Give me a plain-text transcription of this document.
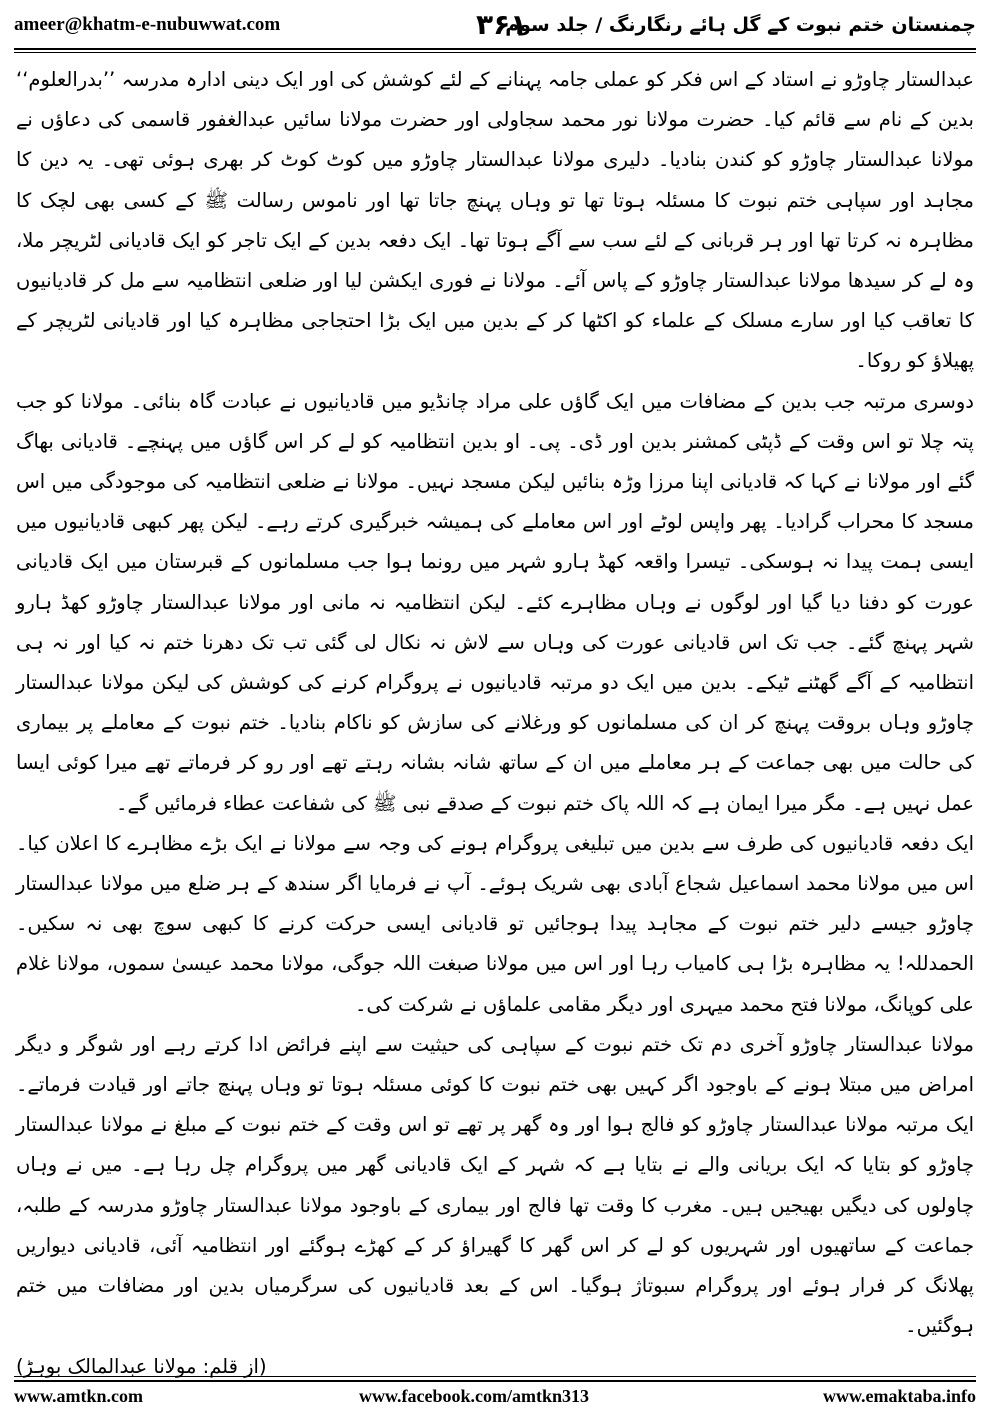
ameer@khatm-e-nubuwwat.com	۳۶۱
چمنستان ختم نبوت کے گل ہائے رنگارنگ / جلد سوم

عبدالستار چاوڑو نے استاد کے اس فکر کو عملی جامہ پہنانے کے لئے کوشش کی اور ایک دینی ادارہ مدرسہ ’’بدرالعلوم‘‘ بدین کے نام سے قائم کیا۔ حضرت مولانا نور محمد سجاولی اور حضرت مولانا سائیں عبدالغفور قاسمی کی دعاؤں نے مولانا عبدالستار چاوڑو کو کندن بنادیا۔ دلیری مولانا عبدالستار چاوڑو میں کوٹ کوٹ کر بھری ہوئی تھی۔ یہ دین کا مجاہد اور سپاہی ختم نبوت کا مسئلہ ہوتا تھا تو وہاں پہنچ جاتا تھا اور ناموس رسالت ﷺ کے کسی بھی لچک کا مظاہرہ نہ کرتا تھا اور ہر قربانی کے لئے سب سے آگے ہوتا تھا۔ ایک دفعہ بدین کے ایک تاجر کو ایک قادیانی لٹریچر ملا، وہ لے کر سیدھا مولانا عبدالستار چاوڑو کے پاس آئے۔ مولانا نے فوری ایکشن لیا اور ضلعی انتظامیہ سے مل کر قادیانیوں کا تعاقب کیا اور سارے مسلک کے علماء کو اکٹھا کر کے بدین میں ایک بڑا احتجاجی مظاہرہ کیا اور قادیانی لٹریچر کے پھیلاؤ کو روکا۔

دوسری مرتبہ جب بدین کے مضافات میں ایک گاؤں علی مراد چانڈیو میں قادیانیوں نے عبادت گاہ بنائی۔ مولانا کو جب پتہ چلا تو اس وقت کے ڈپٹی کمشنر بدین اور ڈی۔ پی۔ او بدین انتظامیہ کو لے کر اس گاؤں میں پہنچے۔ قادیانی بھاگ گئے اور مولانا نے کہا کہ قادیانی اپنا مرزا وڑہ بنائیں لیکن مسجد نہیں۔ مولانا نے ضلعی انتظامیہ کی موجودگی میں اس مسجد کا محراب گرادیا۔ پھر واپس لوٹے اور اس معاملے کی ہمیشہ خبرگیری کرتے رہے۔ لیکن پھر کبھی قادیانیوں میں ایسی ہمت پیدا نہ ہوسکی۔ تیسرا واقعہ کھڈ ہارو شہر میں رونما ہوا جب مسلمانوں کے قبرستان میں ایک قادیانی عورت کو دفنا دیا گیا اور لوگوں نے وہاں مظاہرے کئے۔ لیکن انتظامیہ نہ مانی اور مولانا عبدالستار چاوڑو کھڈ ہارو شہر پہنچ گئے۔ جب تک اس قادیانی عورت کی وہاں سے لاش نہ نکال لی گئی تب تک دھرنا ختم نہ کیا اور نہ ہی انتظامیہ کے آگے گھٹنے ٹیکے۔ بدین میں ایک دو مرتبہ قادیانیوں نے پروگرام کرنے کی کوشش کی لیکن مولانا عبدالستار چاوڑو وہاں بروقت پہنچ کر ان کی مسلمانوں کو ورغلانے کی سازش کو ناکام بنادیا۔ ختم نبوت کے معاملے پر بیماری کی حالت میں بھی جماعت کے ہر معاملے میں ان کے ساتھ شانہ بشانہ رہتے تھے اور رو کر فرماتے تھے میرا کوئی ایسا عمل نہیں ہے۔ مگر میرا ایمان ہے کہ اللہ پاک ختم نبوت کے صدقے نبی ﷺ کی شفاعت عطاء فرمائیں گے۔

ایک دفعہ قادیانیوں کی طرف سے بدین میں تبلیغی پروگرام ہونے کی وجہ سے مولانا نے ایک بڑے مظاہرے کا اعلان کیا۔ اس میں مولانا محمد اسماعیل شجاع آبادی بھی شریک ہوئے۔ آپ نے فرمایا اگر سندھ کے ہر ضلع میں مولانا عبدالستار چاوڑو جیسے دلیر ختم نبوت کے مجاہد پیدا ہوجائیں تو قادیانی ایسی حرکت کرنے کا کبھی سوچ بھی نہ سکیں۔ الحمدللہ! یہ مظاہرہ بڑا ہی کامیاب رہا اور اس میں مولانا صبغت اللہ جوگی، مولانا محمد عیسیٰ سموں، مولانا غلام علی کوپانگ، مولانا فتح محمد میہری اور دیگر مقامی علماؤں نے شرکت کی۔

مولانا عبدالستار چاوڑو آخری دم تک ختم نبوت کے سپاہی کی حیثیت سے اپنے فرائض ادا کرتے رہے اور شوگر و دیگر امراض میں مبتلا ہونے کے باوجود اگر کہیں بھی ختم نبوت کا کوئی مسئلہ ہوتا تو وہاں پہنچ جاتے اور قیادت فرماتے۔ ایک مرتبہ مولانا عبدالستار چاوڑو کو فالج ہوا اور وہ گھر پر تھے تو اس وقت کے ختم نبوت کے مبلغ نے مولانا عبدالستار چاوڑو کو بتایا کہ ایک بریانی والے نے بتایا ہے کہ شہر کے ایک قادیانی گھر میں پروگرام چل رہا ہے۔ میں نے وہاں چاولوں کی دیگیں بھیجیں ہیں۔ مغرب کا وقت تھا فالج اور بیماری کے باوجود مولانا عبدالستار چاوڑو مدرسہ کے طلبہ، جماعت کے ساتھیوں اور شہریوں کو لے کر اس گھر کا گھیراؤ کر کے کھڑے ہوگئے اور انتظامیہ آئی، قادیانی دیواریں پھلانگ کر فرار ہوئے اور پروگرام سبوتاژ ہوگیا۔ اس کے بعد قادیانیوں کی سرگرمیاں بدین اور مضافات میں ختم ہوگئیں۔

(از قلم: مولانا عبدالمالک بوہڑ)

www.amtkn.com	www.facebook.com/amtkn313	www.emaktaba.info
